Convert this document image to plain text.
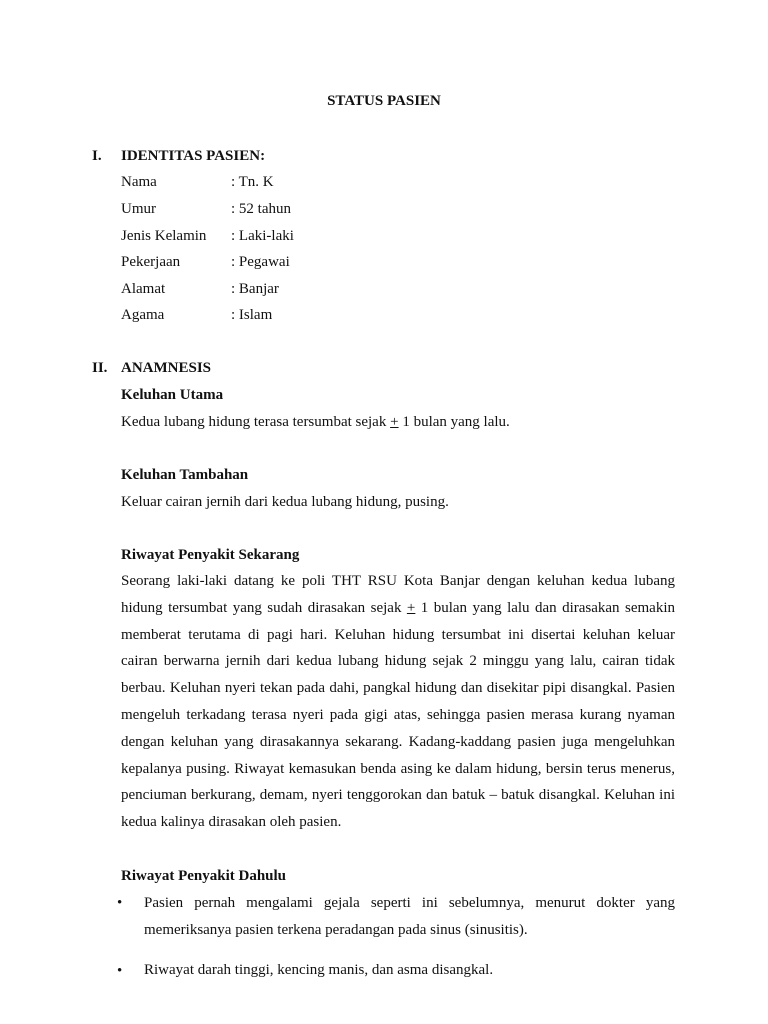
STATUS PASIEN
I. IDENTITAS PASIEN:
Nama	: Tn. K
Umur	: 52 tahun
Jenis Kelamin : Laki-laki
Pekerjaan	: Pegawai
Alamat	: Banjar
Agama	: Islam
II. ANAMNESIS
Keluhan Utama
Kedua lubang hidung terasa tersumbat sejak + 1 bulan yang lalu.
Keluhan Tambahan
Keluar cairan jernih dari kedua lubang hidung, pusing.
Riwayat Penyakit Sekarang

Seorang laki-laki datang ke poli THT RSU Kota Banjar dengan keluhan kedua lubang hidung tersumbat yang sudah dirasakan sejak + 1 bulan yang lalu dan dirasakan semakin memberat terutama di pagi hari. Keluhan hidung tersumbat ini disertai keluhan keluar cairan berwarna jernih dari kedua lubang hidung sejak 2 minggu yang lalu, cairan tidak berbau. Keluhan nyeri tekan pada dahi, pangkal hidung dan disekitar pipi disangkal. Pasien mengeluh terkadang terasa nyeri pada gigi atas, sehingga pasien merasa kurang nyaman dengan keluhan yang dirasakannya sekarang. Kadang-kaddang pasien juga mengeluhkan kepalanya pusing. Riwayat kemasukan benda asing ke dalam hidung, bersin terus menerus, penciuman berkurang, demam, nyeri tenggorokan dan batuk – batuk disangkal. Keluhan ini kedua kalinya dirasakan oleh pasien.

Riwayat Penyakit Dahulu
• Pasien pernah mengalami gejala seperti ini sebelumnya, menurut dokter yang memeriksanya pasien terkena peradangan pada sinus (sinusitis).

• Riwayat darah tinggi, kencing manis, dan asma disangkal.
